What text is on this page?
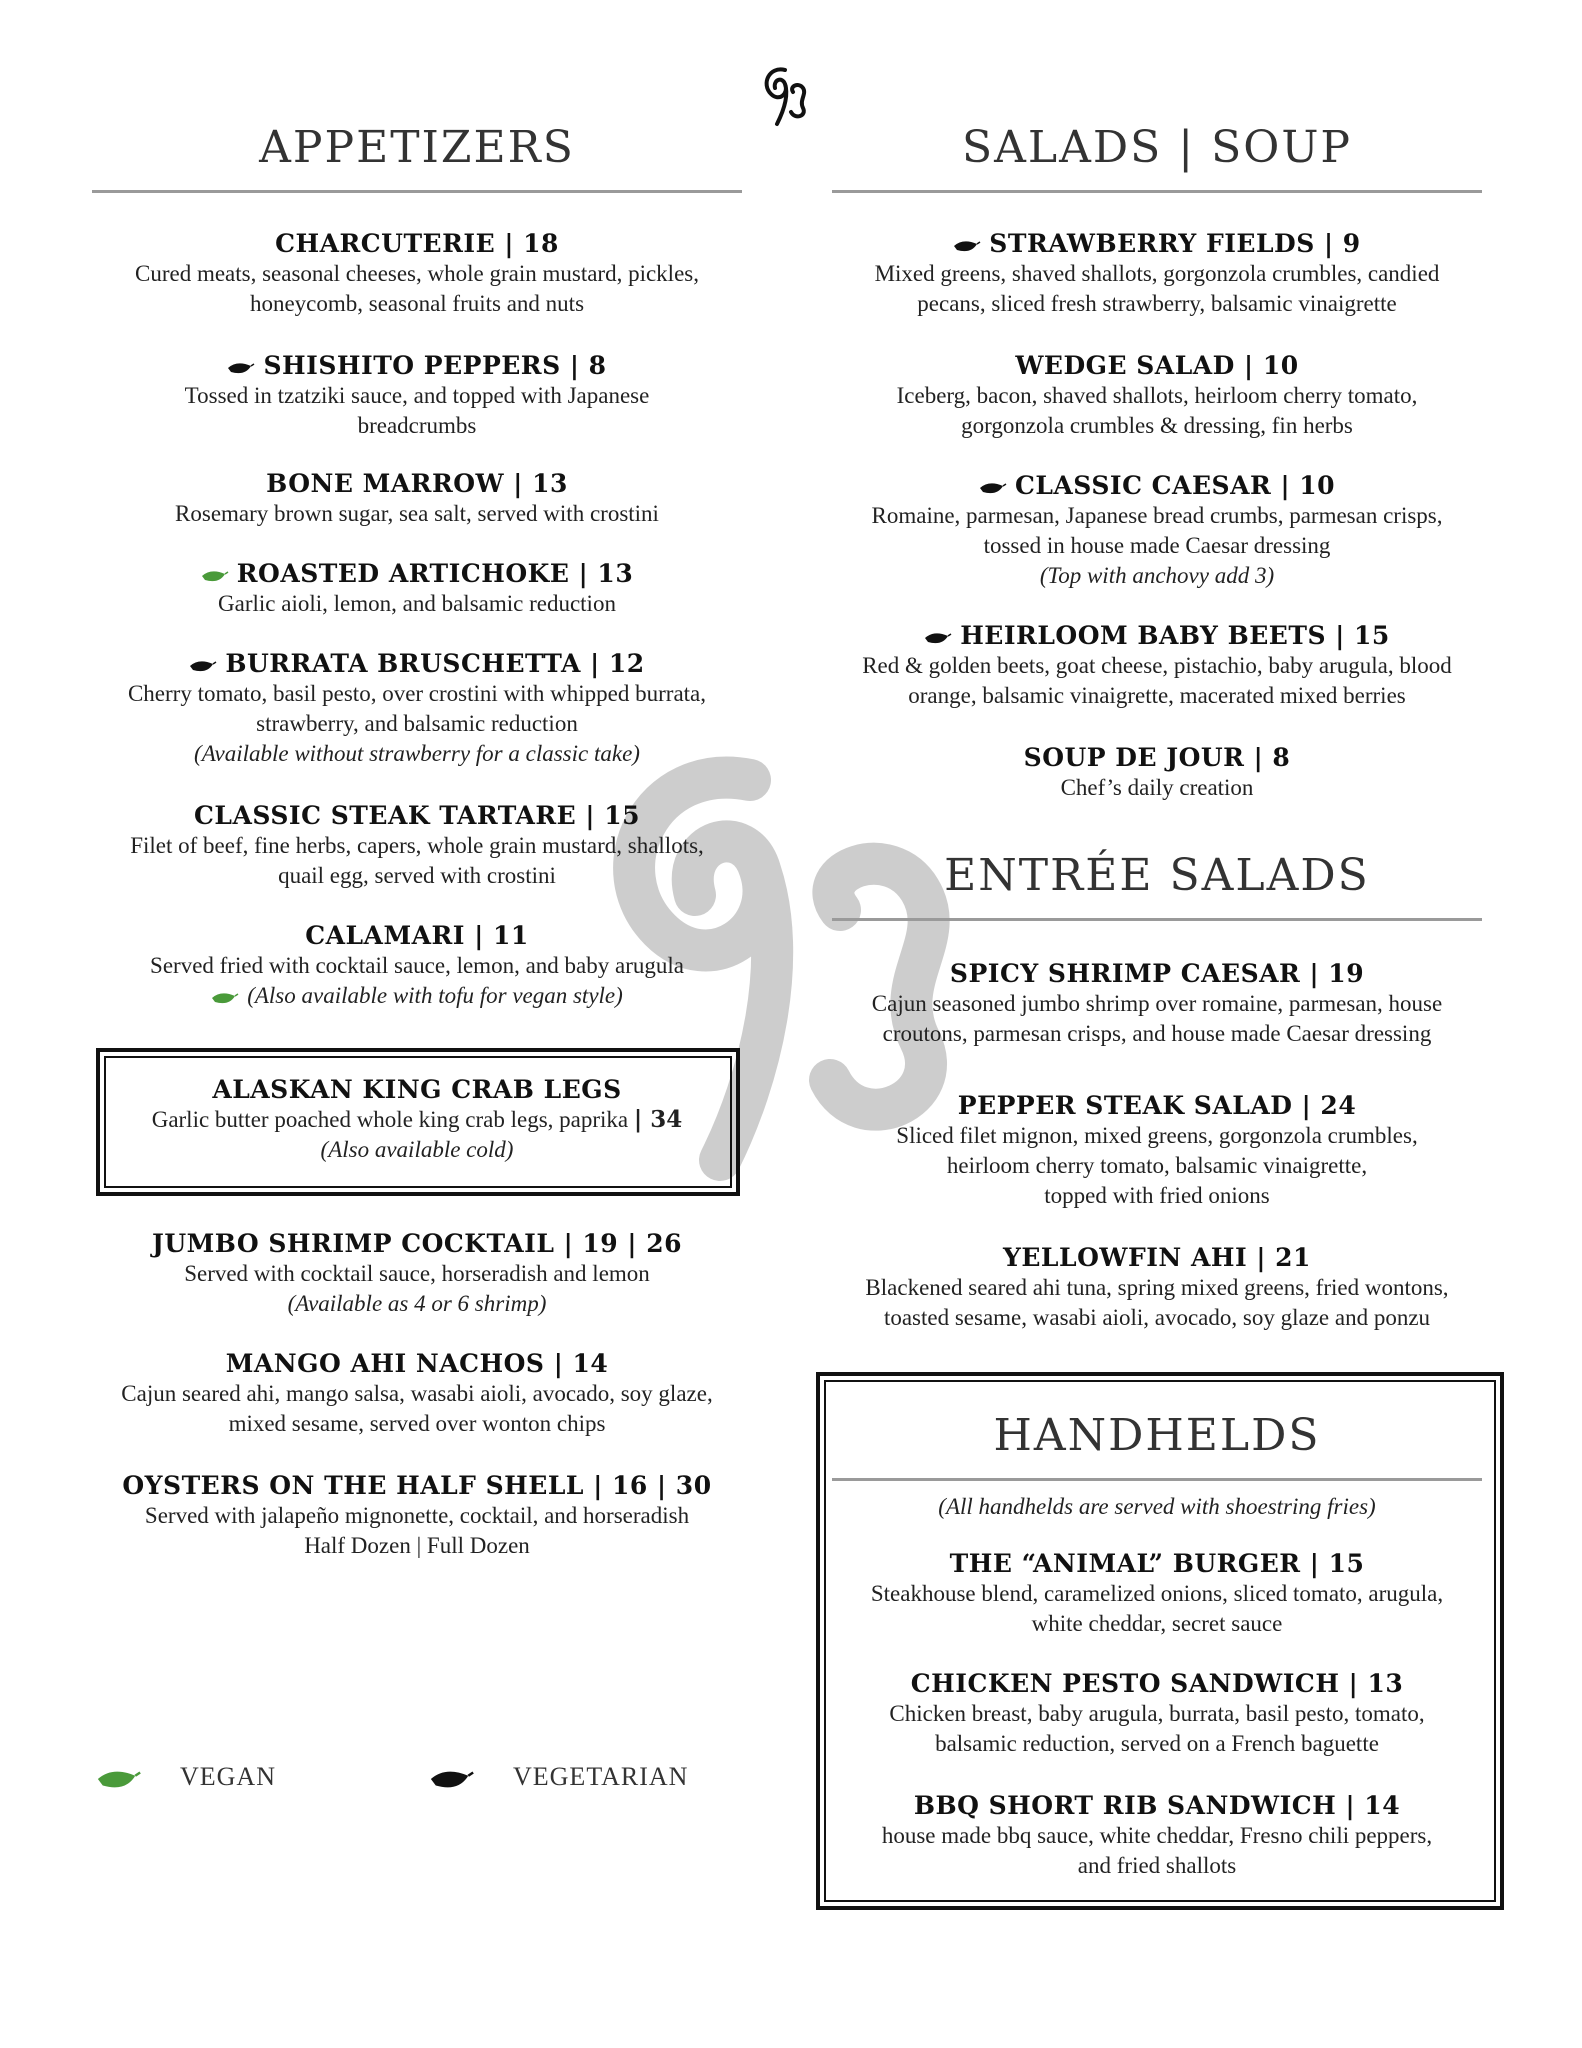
APPETIZERS
CHARCUTERIE | 18
Cured meats, seasonal cheeses, whole grain mustard, pickles,
honeycomb, seasonal fruits and nuts
SHISHITO PEPPERS | 8
Tossed in tzatziki sauce, and topped with Japanese
breadcrumbs
BONE MARROW | 13
Rosemary brown sugar, sea salt, served with crostini
ROASTED ARTICHOKE | 13
Garlic aioli, lemon, and balsamic reduction
BURRATA BRUSCHETTA | 12
Cherry tomato, basil pesto, over crostini with whipped burrata,
strawberry, and balsamic reduction
(Available without strawberry for a classic take)
CLASSIC STEAK TARTARE | 15
Filet of beef, fine herbs, capers, whole grain mustard, shallots,
quail egg, served with crostini
CALAMARI | 11
Served fried with cocktail sauce, lemon, and baby arugula
(Also available with tofu for vegan style)
ALASKAN KING CRAB LEGS
Garlic butter poached whole king crab legs, paprika | 34
(Also available cold)
JUMBO SHRIMP COCKTAIL | 19 | 26
Served with cocktail sauce, horseradish and lemon
(Available as 4 or 6 shrimp)
MANGO AHI NACHOS | 14
Cajun seared ahi, mango salsa, wasabi aioli, avocado, soy glaze,
mixed sesame, served over wonton chips
OYSTERS ON THE HALF SHELL | 16 | 30
Served with jalapeño mignonette, cocktail, and horseradish
Half Dozen | Full Dozen
VEGAN	VEGETARIAN
SALADS | SOUP
STRAWBERRY FIELDS | 9
Mixed greens, shaved shallots, gorgonzola crumbles, candied
pecans, sliced fresh strawberry, balsamic vinaigrette
WEDGE SALAD | 10
Iceberg, bacon, shaved shallots, heirloom cherry tomato,
gorgonzola crumbles & dressing, fin herbs
CLASSIC CAESAR | 10
Romaine, parmesan, Japanese bread crumbs, parmesan crisps,
tossed in house made Caesar dressing
(Top with anchovy add 3)
HEIRLOOM BABY BEETS | 15
Red & golden beets, goat cheese, pistachio, baby arugula, blood
orange, balsamic vinaigrette, macerated mixed berries
SOUP DE JOUR | 8
Chef’s daily creation
ENTRÉE SALADS
SPICY SHRIMP CAESAR | 19
Cajun seasoned jumbo shrimp over romaine, parmesan, house
croutons, parmesan crisps, and house made Caesar dressing
PEPPER STEAK SALAD | 24
Sliced filet mignon, mixed greens, gorgonzola crumbles,
heirloom cherry tomato, balsamic vinaigrette,
topped with fried onions
YELLOWFIN AHI | 21
Blackened seared ahi tuna, spring mixed greens, fried wontons,
toasted sesame, wasabi aioli, avocado, soy glaze and ponzu
HANDHELDS
(All handhelds are served with shoestring fries)
THE “ANIMAL” BURGER | 15
Steakhouse blend, caramelized onions, sliced tomato, arugula,
white cheddar, secret sauce
CHICKEN PESTO SANDWICH | 13
Chicken breast, baby arugula, burrata, basil pesto, tomato,
balsamic reduction, served on a French baguette
BBQ SHORT RIB SANDWICH | 14
house made bbq sauce, white cheddar, Fresno chili peppers,
and fried shallots
